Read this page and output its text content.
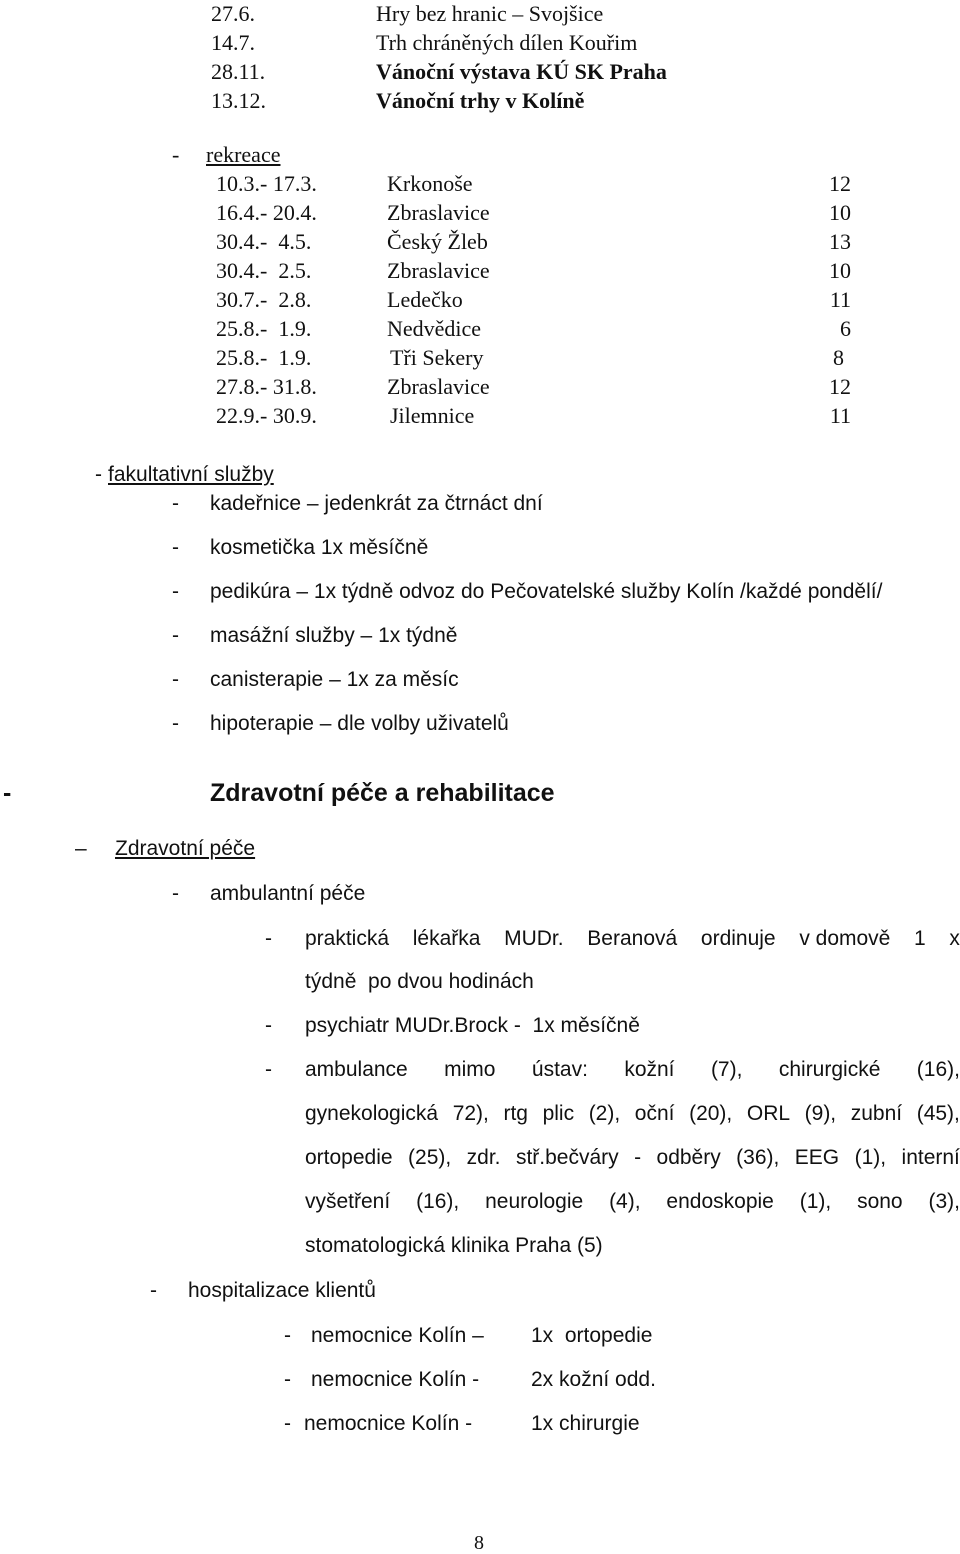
27.6.	Hry bez hranic – Svojšice
14.7.	Trh chráněných dílen Kouřim
28.11.	Vánoční výstava KÚ SK Praha
13.12.	Vánoční trhy v Kolíně
- rekreace
10.3.- 17.3.	Krkonoše	12
16.4.- 20.4.	Zbraslavice	10
30.4.-  4.5.	Český Žleb	13
30.4.-  2.5.	Zbraslavice	10
30.7.-  2.8.	Ledečko	11
25.8.-  1.9.	Nedvědice	6
25.8.-  1.9.	Tři Sekery	8
27.8.- 31.8.	Zbraslavice	12
22.9.- 30.9.	Jilemnice	11
- fakultativní služby
- kadeřnice – jedenkrát za čtrnáct dní
- kosmetička 1x měsíčně
- pedikúra – 1x týdně odvoz do Pečovatelské služby Kolín /každé pondělí/
- masážní služby – 1x týdně
- canisterapie – 1x za měsíc
- hipoterapie – dle volby uživatelů
-	Zdravotní péče a rehabilitace
– Zdravotní péče
- ambulantní péče
- praktická lékařka MUDr. Beranová ordinuje v domově 1 x
týdně  po dvou hodinách
- psychiatr MUDr.Brock -  1x měsíčně
- ambulance mimo ústav: kožní (7), chirurgické (16),
gynekologická 72), rtg plic (2), oční (20), ORL (9), zubní (45),
ortopedie (25), zdr. stř.bečváry - odběry (36), EEG (1), interní
vyšetření (16), neurologie (4), endoskopie (1), sono (3),
stomatologická klinika Praha (5)
- hospitalizace klientů
- nemocnice Kolín – 1x  ortopedie
- nemocnice Kolín - 2x kožní odd.
- nemocnice Kolín -	1x chirurgie
8
